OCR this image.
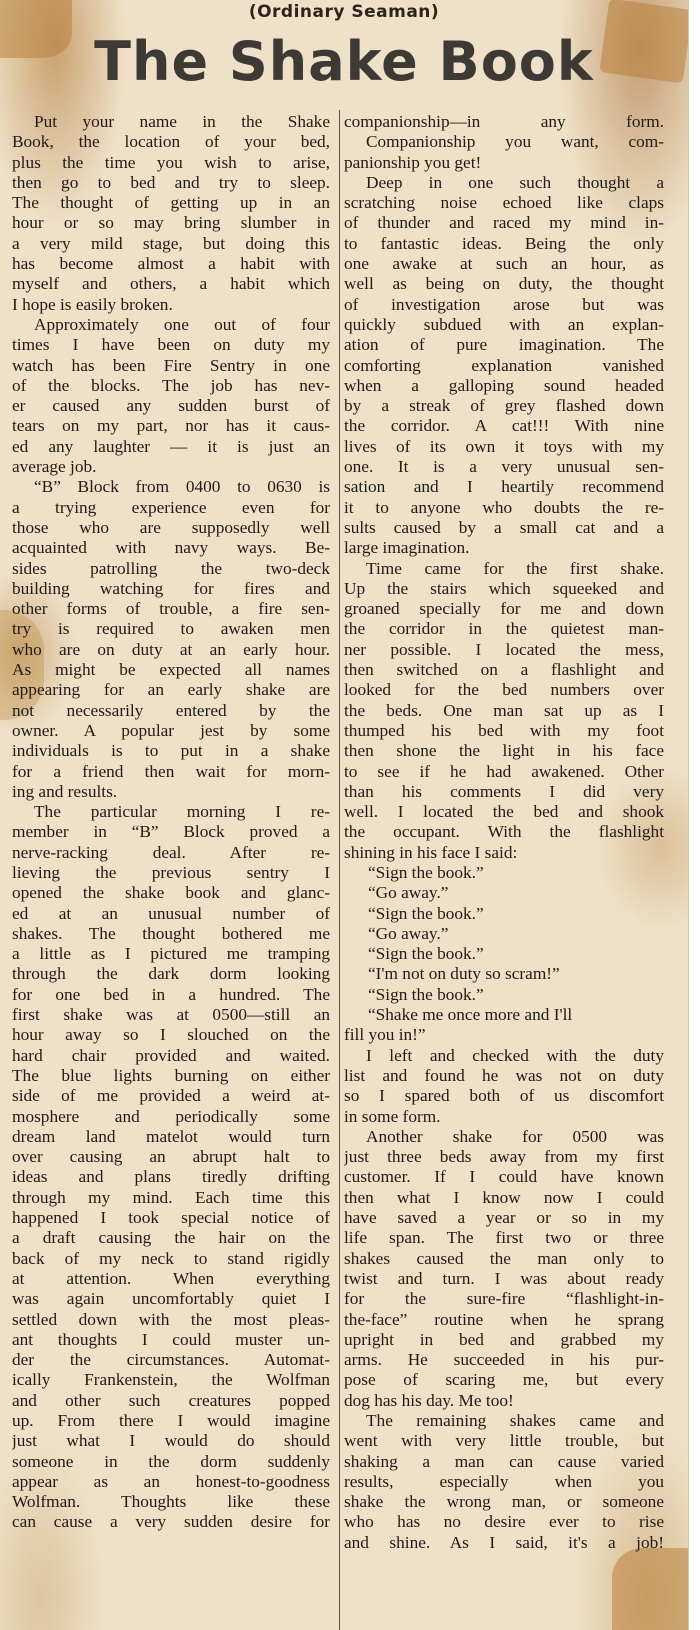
(Ordinary Seaman)
The Shake Book
Put your name in the Shake
Book, the location of your bed,
plus the time you wish to arise,
then go to bed and try to sleep.
The thought of getting up in an
hour or so may bring slumber in
a very mild stage, but doing this
has become almost a habit with
myself and others, a habit which
I hope is easily broken.
Approximately one out of four
times I have been on duty my
watch has been Fire Sentry in one
of the blocks. The job has nev-
er caused any sudden burst of
tears on my part, nor has it caus-
ed any laughter — it is just an
average job.
“B” Block from 0400 to 0630 is
a trying experience even for
those who are supposedly well
acquainted with navy ways. Be-
sides patrolling the two-deck
building watching for fires and
other forms of trouble, a fire sen-
try is required to awaken men
who are on duty at an early hour.
As might be expected all names
appearing for an early shake are
not necessarily entered by the
owner. A popular jest by some
individuals is to put in a shake
for a friend then wait for morn-
ing and results.
The particular morning I re-
member in “B” Block proved a
nerve-racking deal. After re-
lieving the previous sentry I
opened the shake book and glanc-
ed at an unusual number of
shakes. The thought bothered me
a little as I pictured me tramping
through the dark dorm looking
for one bed in a hundred. The
first shake was at 0500—still an
hour away so I slouched on the
hard chair provided and waited.
The blue lights burning on either
side of me provided a weird at-
mosphere and periodically some
dream land matelot would turn
over causing an abrupt halt to
ideas and plans tiredly drifting
through my mind. Each time this
happened I took special notice of
a draft causing the hair on the
back of my neck to stand rigidly
at attention. When everything
was again uncomfortably quiet I
settled down with the most pleas-
ant thoughts I could muster un-
der the circumstances. Automat-
ically Frankenstein, the Wolfman
and other such creatures popped
up. From there I would imagine
just what I would do should
someone in the dorm suddenly
appear as an honest-to-goodness
Wolfman. Thoughts like these
can cause a very sudden desire for
companionship—in any form.
Companionship you want, com-
panionship you get!
Deep in one such thought a
scratching noise echoed like claps
of thunder and raced my mind in-
to fantastic ideas. Being the only
one awake at such an hour, as
well as being on duty, the thought
of investigation arose but was
quickly subdued with an explan-
ation of pure imagination. The
comforting explanation vanished
when a galloping sound headed
by a streak of grey flashed down
the corridor. A cat!!! With nine
lives of its own it toys with my
one. It is a very unusual sen-
sation and I heartily recommend
it to anyone who doubts the re-
sults caused by a small cat and a
large imagination.
Time came for the first shake.
Up the stairs which squeeked and
groaned specially for me and down
the corridor in the quietest man-
ner possible. I located the mess,
then switched on a flashlight and
looked for the bed numbers over
the beds. One man sat up as I
thumped his bed with my foot
then shone the light in his face
to see if he had awakened. Other
than his comments I did very
well. I located the bed and shook
the occupant. With the flashlight
shining in his face I said:
“Sign the book.”
“Go away.”
“Sign the book.”
“Go away.”
“Sign the book.”
“I'm not on duty so scram!”
“Sign the book.”
“Shake me once more and I'll
fill you in!”
I left and checked with the duty
list and found he was not on duty
so I spared both of us discomfort
in some form.
Another shake for 0500 was
just three beds away from my first
customer. If I could have known
then what I know now I could
have saved a year or so in my
life span. The first two or three
shakes caused the man only to
twist and turn. I was about ready
for the sure-fire “flashlight-in-
the-face” routine when he sprang
upright in bed and grabbed my
arms. He succeeded in his pur-
pose of scaring me, but every
dog has his day. Me too!
The remaining shakes came and
went with very little trouble, but
shaking a man can cause varied
results, especially when you
shake the wrong man, or someone
who has no desire ever to rise
and shine. As I said, it's a job!
